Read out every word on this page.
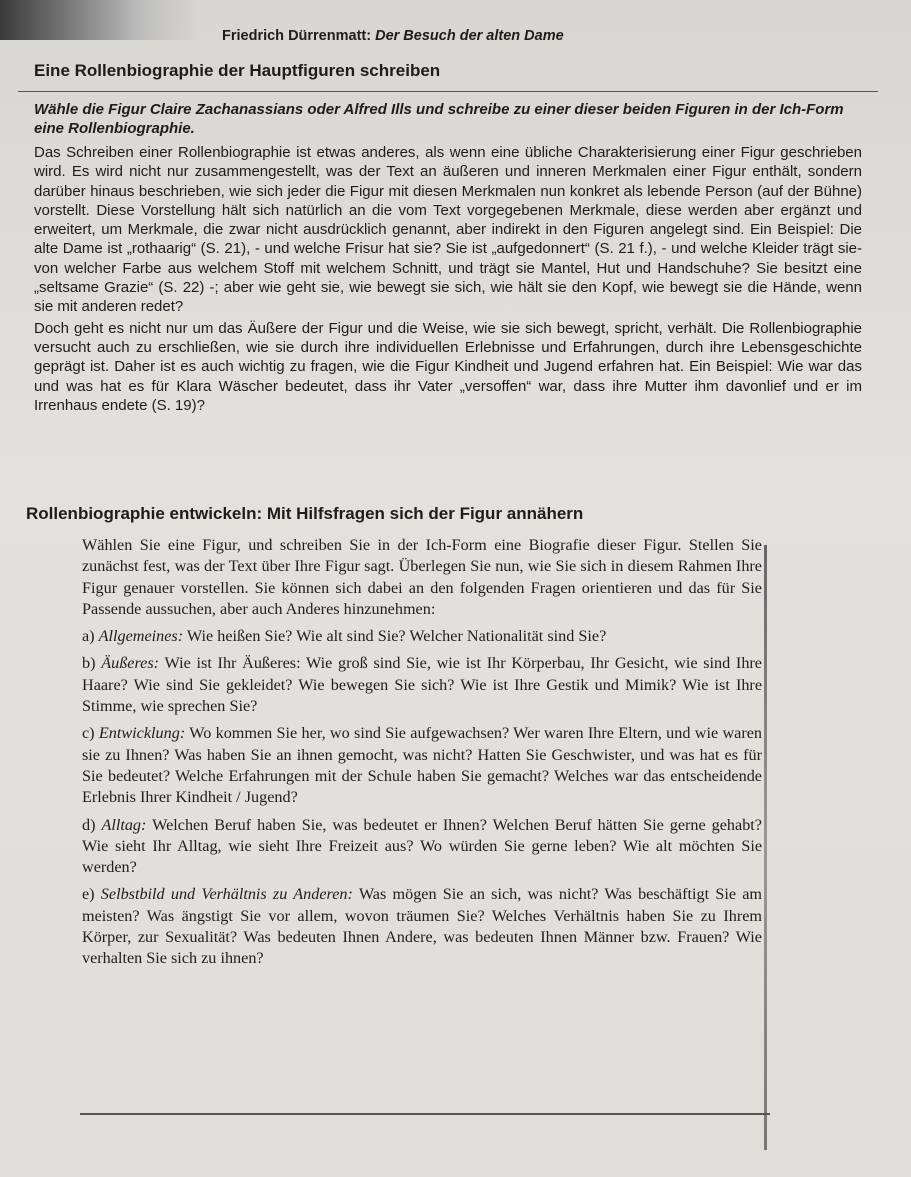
Friedrich Dürrenmatt: Der Besuch der alten Dame
Eine Rollenbiographie der Hauptfiguren schreiben
Wähle die Figur Claire Zachanassians oder Alfred Ills und schreibe zu einer dieser beiden Figuren in der Ich-Form eine Rollenbiographie.

Das Schreiben einer Rollenbiographie ist etwas anderes, als wenn eine übliche Charakterisierung einer Figur geschrieben wird. Es wird nicht nur zusammengestellt, was der Text an äußeren und inneren Merkmalen einer Figur enthält, sondern darüber hinaus beschrieben, wie sich jeder die Figur mit diesen Merkmalen nun konkret als lebende Person (auf der Bühne) vorstellt. Diese Vorstellung hält sich natürlich an die vom Text vorgegebenen Merkmale, diese werden aber ergänzt und erweitert, um Merkmale, die zwar nicht ausdrücklich genannt, aber indirekt in den Figuren angelegt sind. Ein Beispiel: Die alte Dame ist „rothaarig“ (S. 21), - und welche Frisur hat sie? Sie ist „aufgedonnert“ (S. 21 f.), - und welche Kleider trägt sie-von welcher Farbe aus welchem Stoff mit welchem Schnitt, und trägt sie Mantel, Hut und Handschuhe? Sie besitzt eine „seltsame Grazie“ (S. 22) -; aber wie geht sie, wie bewegt sie sich, wie hält sie den Kopf, wie bewegt sie die Hände, wenn sie mit anderen redet?

Doch geht es nicht nur um das Äußere der Figur und die Weise, wie sie sich bewegt, spricht, verhält. Die Rollenbiographie versucht auch zu erschließen, wie sie durch ihre individuellen Erlebnisse und Erfahrungen, durch ihre Lebensgeschichte geprägt ist. Daher ist es auch wichtig zu fragen, wie die Figur Kindheit und Jugend erfahren hat. Ein Beispiel: Wie war das und was hat es für Klara Wäscher bedeutet, dass ihr Vater „versoffen“ war, dass ihre Mutter ihm davonlief und er im Irrenhaus endete (S. 19)?

Rollenbiographie entwickeln: Mit Hilfsfragen sich der Figur annähern

Wählen Sie eine Figur, und schreiben Sie in der Ich-Form eine Biografie dieser Figur. Stellen Sie zunächst fest, was der Text über Ihre Figur sagt. Überlegen Sie nun, wie Sie sich in diesem Rahmen Ihre Figur genauer vorstellen. Sie können sich dabei an den folgenden Fragen orientieren und das für Sie Passende aussuchen, aber auch Anderes hinzunehmen:

a) Allgemeines: Wie heißen Sie? Wie alt sind Sie? Welcher Nationalität sind Sie?

b) Äußeres: Wie ist Ihr Äußeres: Wie groß sind Sie, wie ist Ihr Körperbau, Ihr Gesicht, wie sind Ihre Haare? Wie sind Sie gekleidet? Wie bewegen Sie sich? Wie ist Ihre Gestik und Mimik? Wie ist Ihre Stimme, wie sprechen Sie?

c) Entwicklung: Wo kommen Sie her, wo sind Sie aufgewachsen? Wer waren Ihre Eltern, und wie waren sie zu Ihnen? Was haben Sie an ihnen gemocht, was nicht? Hatten Sie Geschwister, und was hat es für Sie bedeutet? Welche Erfahrungen mit der Schule haben Sie gemacht? Welches war das entscheidende Erlebnis Ihrer Kindheit / Jugend?

d) Alltag: Welchen Beruf haben Sie, was bedeutet er Ihnen? Welchen Beruf hätten Sie gerne gehabt? Wie sieht Ihr Alltag, wie sieht Ihre Freizeit aus? Wo würden Sie gerne leben? Wie alt möchten Sie werden?

e) Selbstbild und Verhältnis zu Anderen: Was mögen Sie an sich, was nicht? Was beschäftigt Sie am meisten? Was ängstigt Sie vor allem, wovon träumen Sie? Welches Verhältnis haben Sie zu Ihrem Körper, zur Sexualität? Was bedeuten Ihnen Andere, was bedeuten Ihnen Männer bzw. Frauen? Wie verhalten Sie sich zu ihnen?
